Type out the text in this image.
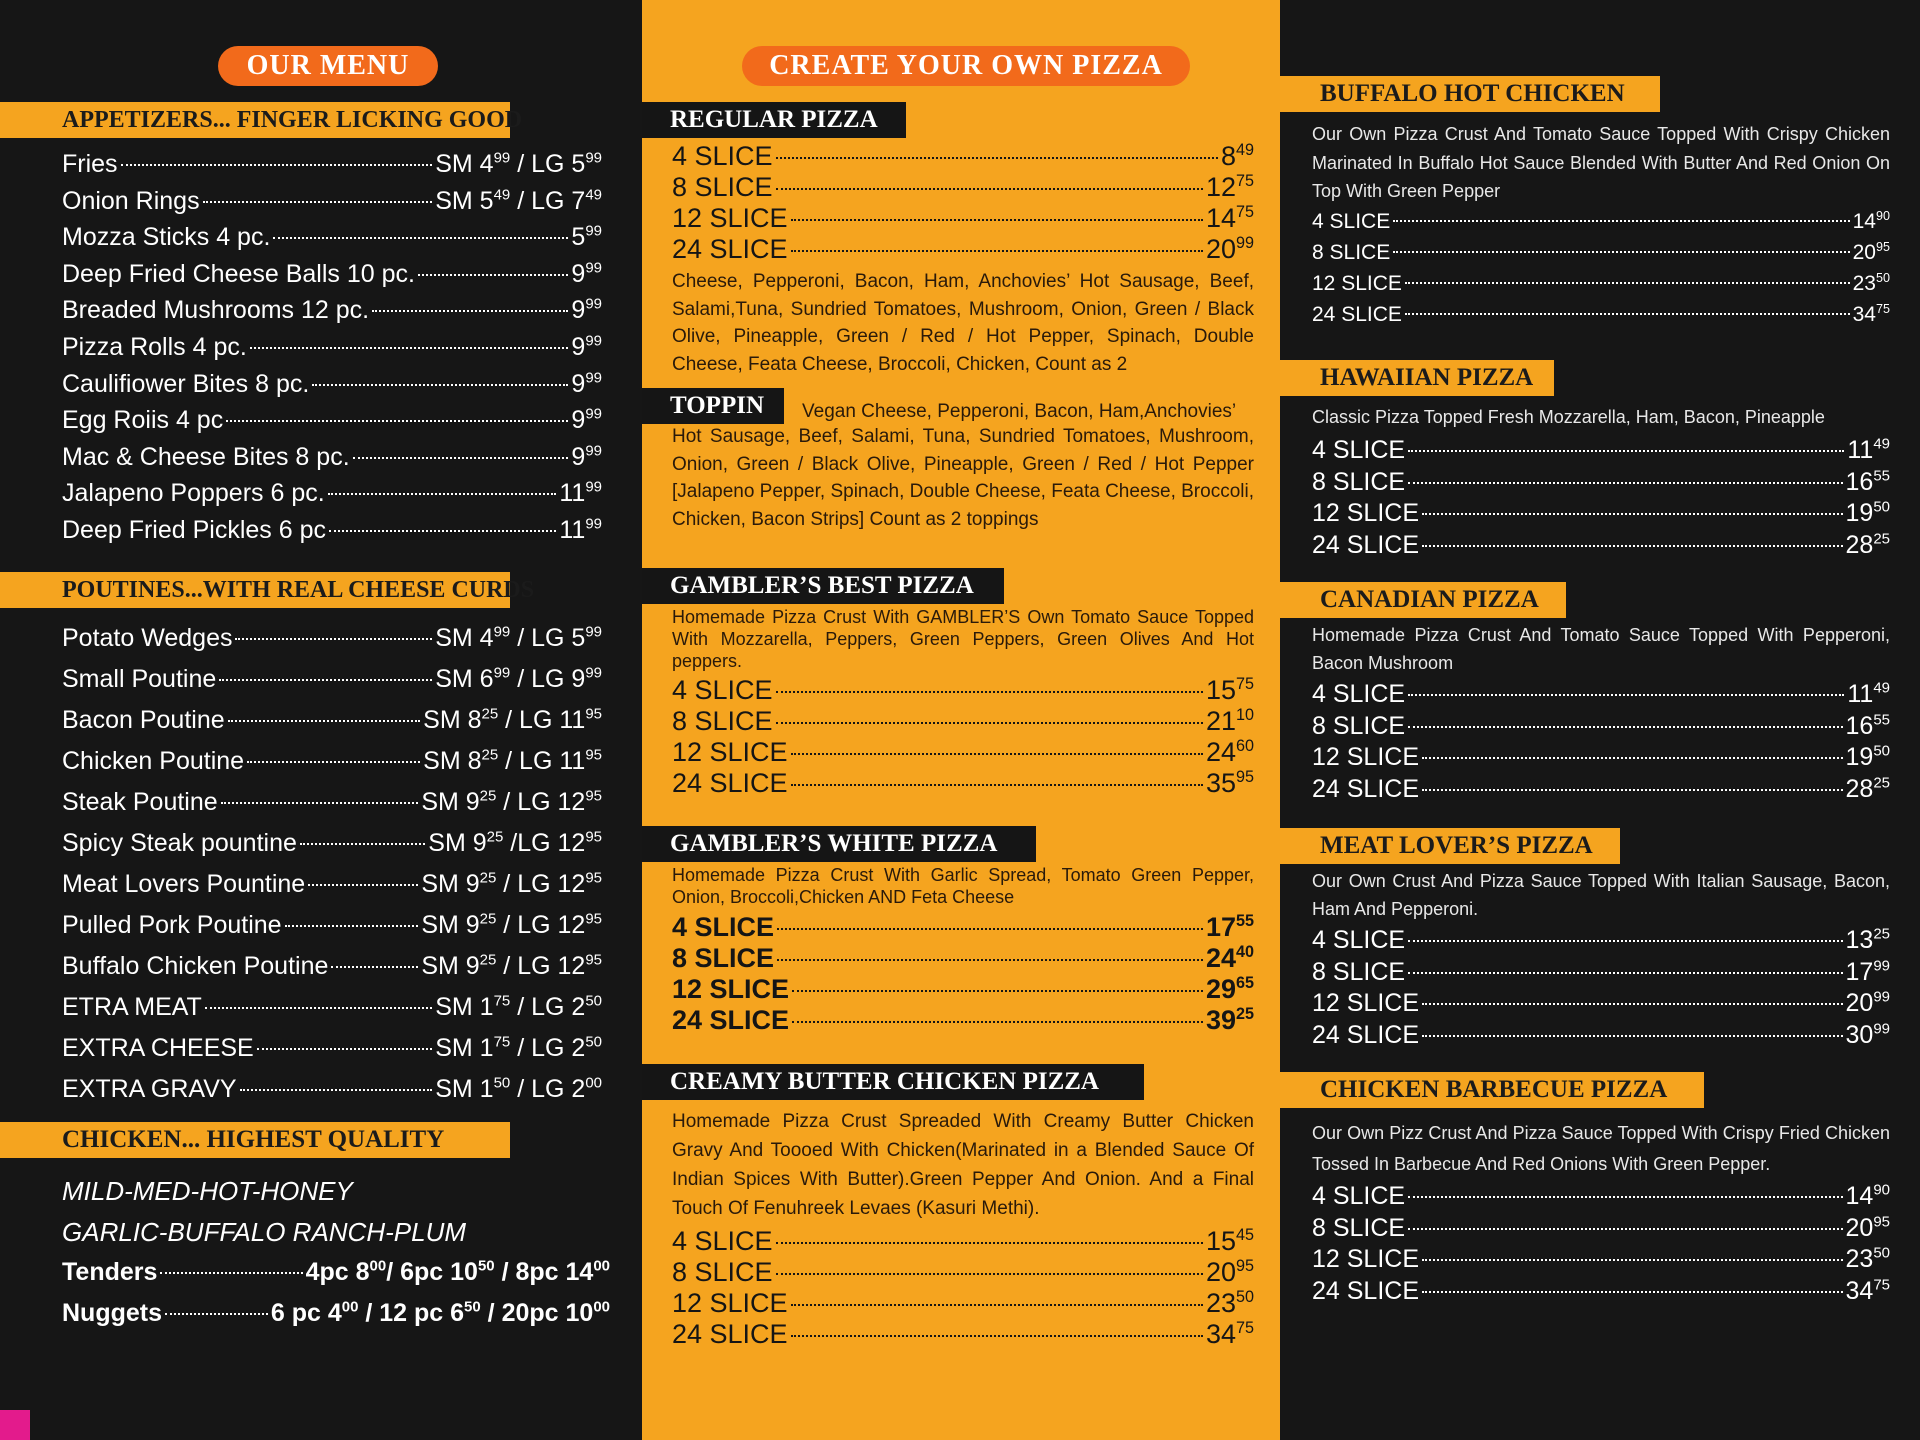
OUR MENU
APPETIZERS... FINGER LICKING GOOD
POUTINES...WITH REAL CHEESE CURDS
CHICKEN... HIGHEST QUALITY
MILD-MED-HOT-HONEY
GARLIC-BUFFALO RANCH-PLUM
Fries	SM $4^{99}$ / LG $5^{99}$
Onion Rings	SM $5^{49}$ / LG $7^{49}$
Mozza Sticks 4 pc.	$5^{99}$
Deep Fried Cheese Balls 10 pc.	$9^{99}$
Breaded Mushrooms 12 pc.	$9^{99}$
Pizza Rolls 4 pc.	$9^{99}$
Caulifiower Bites 8 pc.	$9^{99}$
Egg Roiis 4 pc	$9^{99}$
Mac & Cheese Bites 8 pc.	$9^{99}$
Jalapeno Poppers 6 pc.	$11^{99}$
Deep Fried Pickles 6 pc	$11^{99}$
Potato Wedges	SM $4^{99}$ / LG $5^{99}$
Small Poutine	SM $6^{99}$ / LG $9^{99}$
Bacon Poutine	SM $8^{25}$ / LG $11^{95}$
Chicken Poutine	SM $8^{25}$ / LG $11^{95}$
Steak Poutine	SM $9^{25}$ / LG $12^{95}$
Spicy Steak pountine	SM $9^{25}$ /LG $12^{95}$
Meat Lovers Pountine	SM $9^{25}$ / LG $12^{95}$
Pulled Pork Poutine	SM $9^{25}$ / LG $12^{95}$
Buffalo Chicken Poutine	SM $9^{25}$ / LG $12^{95}$
ETRA MEAT	SM $1^{75}$ / LG $2^{50}$
EXTRA CHEESE	SM $1^{75}$ / LG $2^{50}$
EXTRA GRAVY	SM $1^{50}$ / LG $2^{00}$
Tenders	4pc $8^{00}/$ 6pc $10^{50} / 8pc$ $14^{00}$
Nuggets	6 pc $4^{00} / 12$ pc $6^{50} / 20pc$ $10^{00}$
CREATE YOUR OWN PIZZA
REGULAR PIZZA
Cheese, Pepperoni, Bacon, Ham, Anchovies’ Hot Sausage, Beef, Salami,Tuna, Sundried Tomatoes, Mushroom, Onion, Green / Black Olive, Pineapple, Green / Red / Hot Pepper, Spinach, Double Cheese, Feata Cheese, Broccoli, Chicken, Count as 2
TOPPIN	Vegan Cheese, Pepperoni, Bacon, Ham,Anchovies’
Hot Sausage, Beef, Salami, Tuna, Sundried Tomatoes, Mushroom, Onion, Green / Black Olive, Pineapple, Green / Red / Hot Pepper [Jalapeno Pepper, Spinach, Double Cheese, Feata Cheese, Broccoli, Chicken, Bacon Strips] Count as 2 toppings
GAMBLER’S BEST PIZZA
Homemade Pizza Crust With GAMBLER’S Own Tomato Sauce Topped With Mozzarella, Peppers, Green Peppers, Green Olives And Hot peppers.
GAMBLER’S WHITE PIZZA
Homemade Pizza Crust With Garlic Spread, Tomato Green Pepper, Onion, Broccoli,Chicken AND Feta Cheese
CREAMY BUTTER CHICKEN PIZZA
Homemade Pizza Crust Spreaded With Creamy Butter Chicken Gravy And Toooed With Chicken(Marinated in a Blended Sauce Of Indian Spices With Butter).Green Pepper And Onion. And a Final Touch Of Fenuhreek Levaes (Kasuri Methi).
4 SLICE	$8^{49}$
8 SLICE	$12^{75}$
12 SLICE	$14^{75}$
24 SLICE	$20^{99}$
4 SLICE	$15^{75}$
8 SLICE	$21^{10}$
12 SLICE	$24^{60}$
24 SLICE	$35^{95}$
4 SLICE	$17^{55}$
8 SLICE	$24^{40}$
12 SLICE	$29^{65}$
24 SLICE	$39^{25}$
4 SLICE	$15^{45}$
8 SLICE	$20^{95}$
12 SLICE	$23^{50}$
24 SLICE	$34^{75}$
BUFFALO HOT CHICKEN
Our Own Pizza Crust And Tomato Sauce Topped With Crispy Chicken Marinated In Buffalo Hot Sauce Blended With Butter And Red Onion On Top With Green Pepper
HAWAIIAN PIZZA
Classic Pizza Topped Fresh Mozzarella, Ham, Bacon, Pineapple
CANADIAN PIZZA
Homemade Pizza Crust And Tomato Sauce Topped With Pepperoni, Bacon Mushroom
MEAT LOVER’S PIZZA
Our Own Crust And Pizza Sauce Topped With Italian Sausage, Bacon, Ham And Pepperoni.
CHICKEN BARBECUE PIZZA
Our Own Pizz Crust And Pizza Sauce Topped With Crispy Fried Chicken Tossed In Barbecue And Red Onions With Green Pepper.
4 SLICE	$14^{90}$
8 SLICE	$20^{95}$
12 SLICE	$23^{50}$
24 SLICE	$34^{75}$
4 SLICE	$11^{49}$
8 SLICE	$16^{55}$
12 SLICE	$19^{50}$
24 SLICE	$28^{25}$
4 SLICE	$11^{49}$
8 SLICE	$16^{55}$
12 SLICE	$19^{50}$
24 SLICE	$28^{25}$
4 SLICE	$13^{25}$
8 SLICE	$17^{99}$
12 SLICE	$20^{99}$
24 SLICE	$30^{99}$
4 SLICE	$14^{90}$
8 SLICE	$20^{95}$
12 SLICE	$23^{50}$
24 SLICE	$34^{75}$
